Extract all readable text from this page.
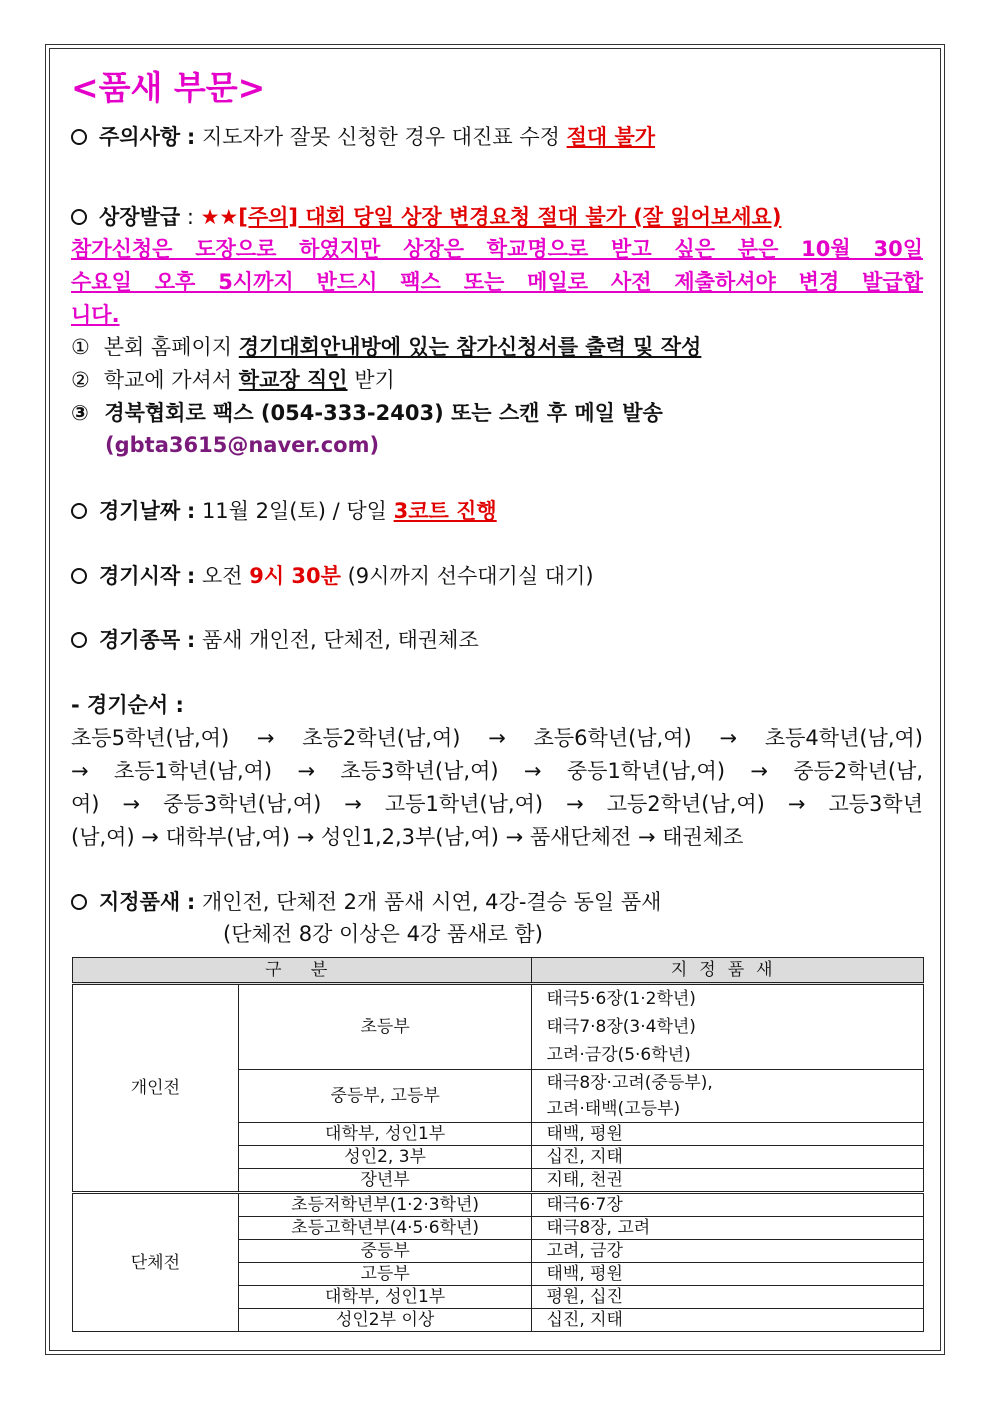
<품새 부문>
주의사항 : 지도자가 잘못 신청한 경우 대진표 수정 절대 불가
상장발급 : ★★[주의] 대회 당일 상장 변경요청 절대 불가 (잘 읽어보세요)
참가신청은 도장으로 하였지만 상장은 학교명으로 받고 싶은 분은 10월 30일
수요일 오후 5시까지 반드시 팩스 또는 메일로 사전 제출하셔야 변경 발급합
니다.
① 본회 홈페이지 경기대회안내방에 있는 참가신청서를 출력 및 작성
② 학교에 가셔서 학교장 직인 받기
③ 경북협회로 팩스 (054-333-2403) 또는 스캔 후 메일 발송
(gbta3615@naver.com)
경기날짜 : 11월 2일(토) / 당일 3코트 진행
경기시작 : 오전 9시 30분 (9시까지 선수대기실 대기)
경기종목 : 품새 개인전, 단체전, 태권체조
- 경기순서 :
초등5학년(남,여) → 초등2학년(남,여) → 초등6학년(남,여) → 초등4학년(남,여)
→ 초등1학년(남,여) → 초등3학년(남,여) → 중등1학년(남,여) → 중등2학년(남,
여) → 중등3학년(남,여) → 고등1학년(남,여) → 고등2학년(남,여) → 고등3학년
(남,여) → 대학부(남,여) → 성인1,2,3부(남,여) → 품새단체전 → 태권체조
지정품새 : 개인전, 단체전 2개 품새 시연, 4강-결승 동일 품새
(단체전 8강 이상은 4강 품새로 함)
구 분		지정품새
개인전	초등부	태극5·6장(1·2학년)
		태극7·8장(3·4학년)
		고려·금강(5·6학년)
	중등부, 고등부	태극8장·고려(중등부),
		고려·태백(고등부)
	대학부, 성인1부	태백, 평원
	성인2, 3부	십진, 지태
	장년부	지태, 천권

단체전	초등저학년부(1·2·3학년)	태극6·7장
	초등고학년부(4·5·6학년)	태극8장, 고려
	중등부	고려, 금강
	고등부	태백, 평원
	대학부, 성인1부	평원, 십진
	성인2부 이상	십진, 지태
